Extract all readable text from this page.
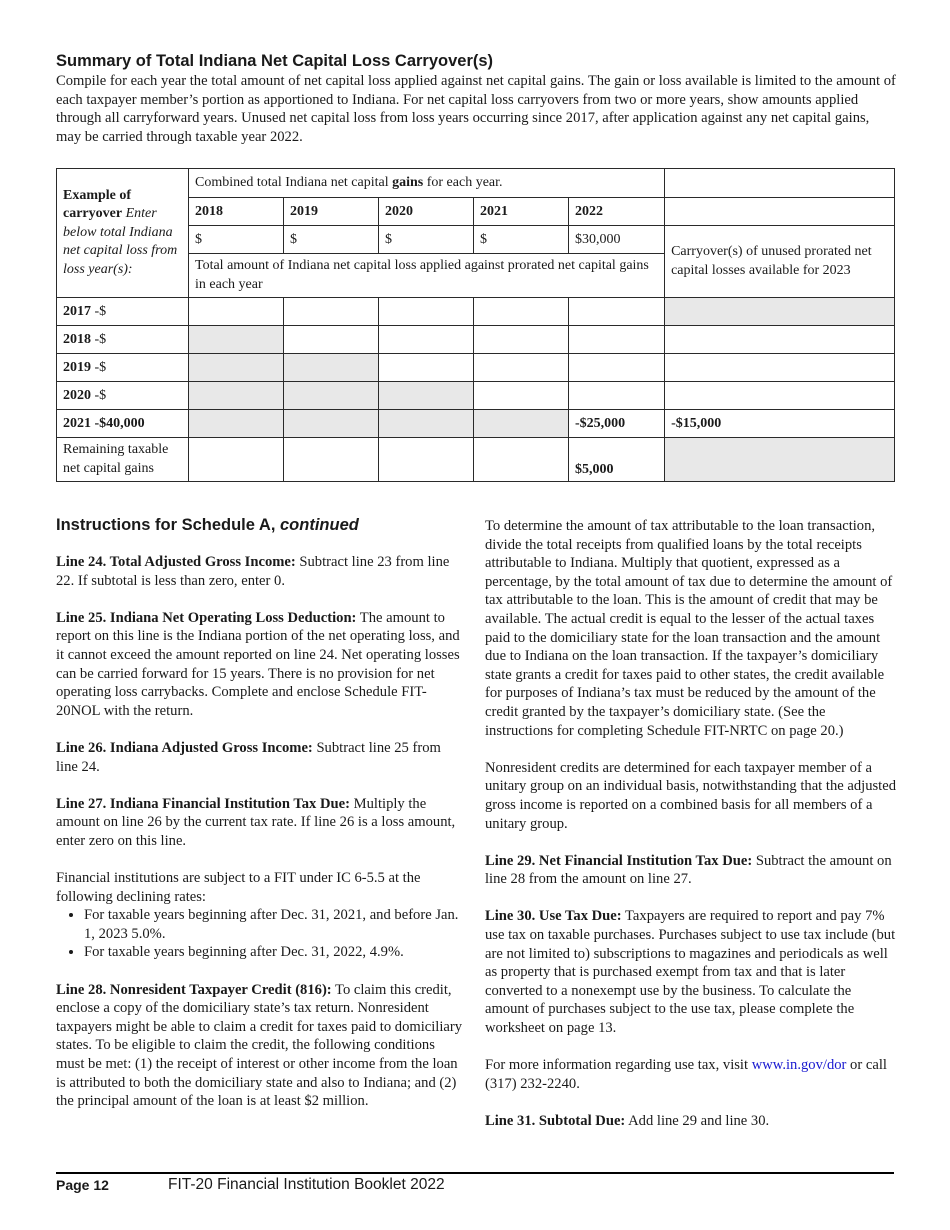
Summary of Total Indiana Net Capital Loss Carryover(s)

Compile for each year the total amount of net capital loss applied against net capital gains. The gain or loss available is limited to the amount of each taxpayer member’s portion as apportioned to Indiana. For net capital loss carryovers from two or more years, show amounts applied through all carryforward years. Unused net capital loss from loss years occurring since 2017, after application against any net capital gains, may be carried through taxable year 2022.

Example of carryover Enter below total Indiana net capital loss from loss year(s):	Combined total Indiana net capital gains for each year.					
	2018	2019	2020	2021	2022	
	$	$	$	$	$30,000	Carryover(s) of unused prorated net capital losses available for 2023
	Total amount of Indiana net capital loss applied against prorated net capital gains in each year					
2017 -$						
2018 -$						
2019 -$						
2020 -$						
2021 -$40,000					-$25,000	-$15,000
Remaining taxable net capital gains					$5,000	
Instructions for Schedule A, continued

Line 24. Total Adjusted Gross Income: Subtract line 23 from line 22. If subtotal is less than zero, enter 0.

Line 25. Indiana Net Operating Loss Deduction: The amount to report on this line is the Indiana portion of the net operating loss, and it cannot exceed the amount reported on line 24. Net operating losses can be carried forward for 15 years. There is no provision for net operating loss carrybacks. Complete and enclose Schedule FIT-20NOL with the return.

Line 26. Indiana Adjusted Gross Income: Subtract line 25 from line 24.

Line 27. Indiana Financial Institution Tax Due: Multiply the amount on line 26 by the current tax rate. If line 26 is a loss amount, enter zero on this line.

Financial institutions are subject to a FIT under IC 6-5.5 at the following declining rates:

• For taxable years beginning after Dec. 31, 2021, and before Jan. 1, 2023 5.0%.
• For taxable years beginning after Dec. 31, 2022, 4.9%.

Line 28. Nonresident Taxpayer Credit (816): To claim this credit, enclose a copy of the domiciliary state’s tax return. Nonresident taxpayers might be able to claim a credit for taxes paid to domiciliary states. To be eligible to claim the credit, the following conditions must be met: (1) the receipt of interest or other income from the loan is attributed to both the domiciliary state and also to Indiana; and (2) the principal amount of the loan is at least $2 million.

To determine the amount of tax attributable to the loan transaction, divide the total receipts from qualified loans by the total receipts attributable to Indiana. Multiply that quotient, expressed as a percentage, by the total amount of tax due to determine the amount of tax attributable to the loan. This is the amount of credit that may be available. The actual credit is equal to the lesser of the actual taxes paid to the domiciliary state for the loan transaction and the amount due to Indiana on the loan transaction. If the taxpayer’s domiciliary state grants a credit for taxes paid to other states, the credit available for purposes of Indiana’s tax must be reduced by the amount of the credit granted by the taxpayer’s domiciliary state. (See the instructions for completing Schedule FIT-NRTC on page 20.)

Nonresident credits are determined for each taxpayer member of a unitary group on an individual basis, notwithstanding that the adjusted gross income is reported on a combined basis for all members of a unitary group.

Line 29. Net Financial Institution Tax Due: Subtract the amount on line 28 from the amount on line 27.

Line 30. Use Tax Due: Taxpayers are required to report and pay 7% use tax on taxable purchases. Purchases subject to use tax include (but are not limited to) subscriptions to magazines and periodicals as well as property that is purchased exempt from tax and that is later converted to a nonexempt use by the business. To calculate the amount of purchases subject to the use tax, please complete the worksheet on page 13.

For more information regarding use tax, visit www.in.gov/dor or call (317) 232-2240.

Line 31. Subtotal Due: Add line 29 and line 30.

Page 12	FIT-20 Financial Institution Booklet 2022
